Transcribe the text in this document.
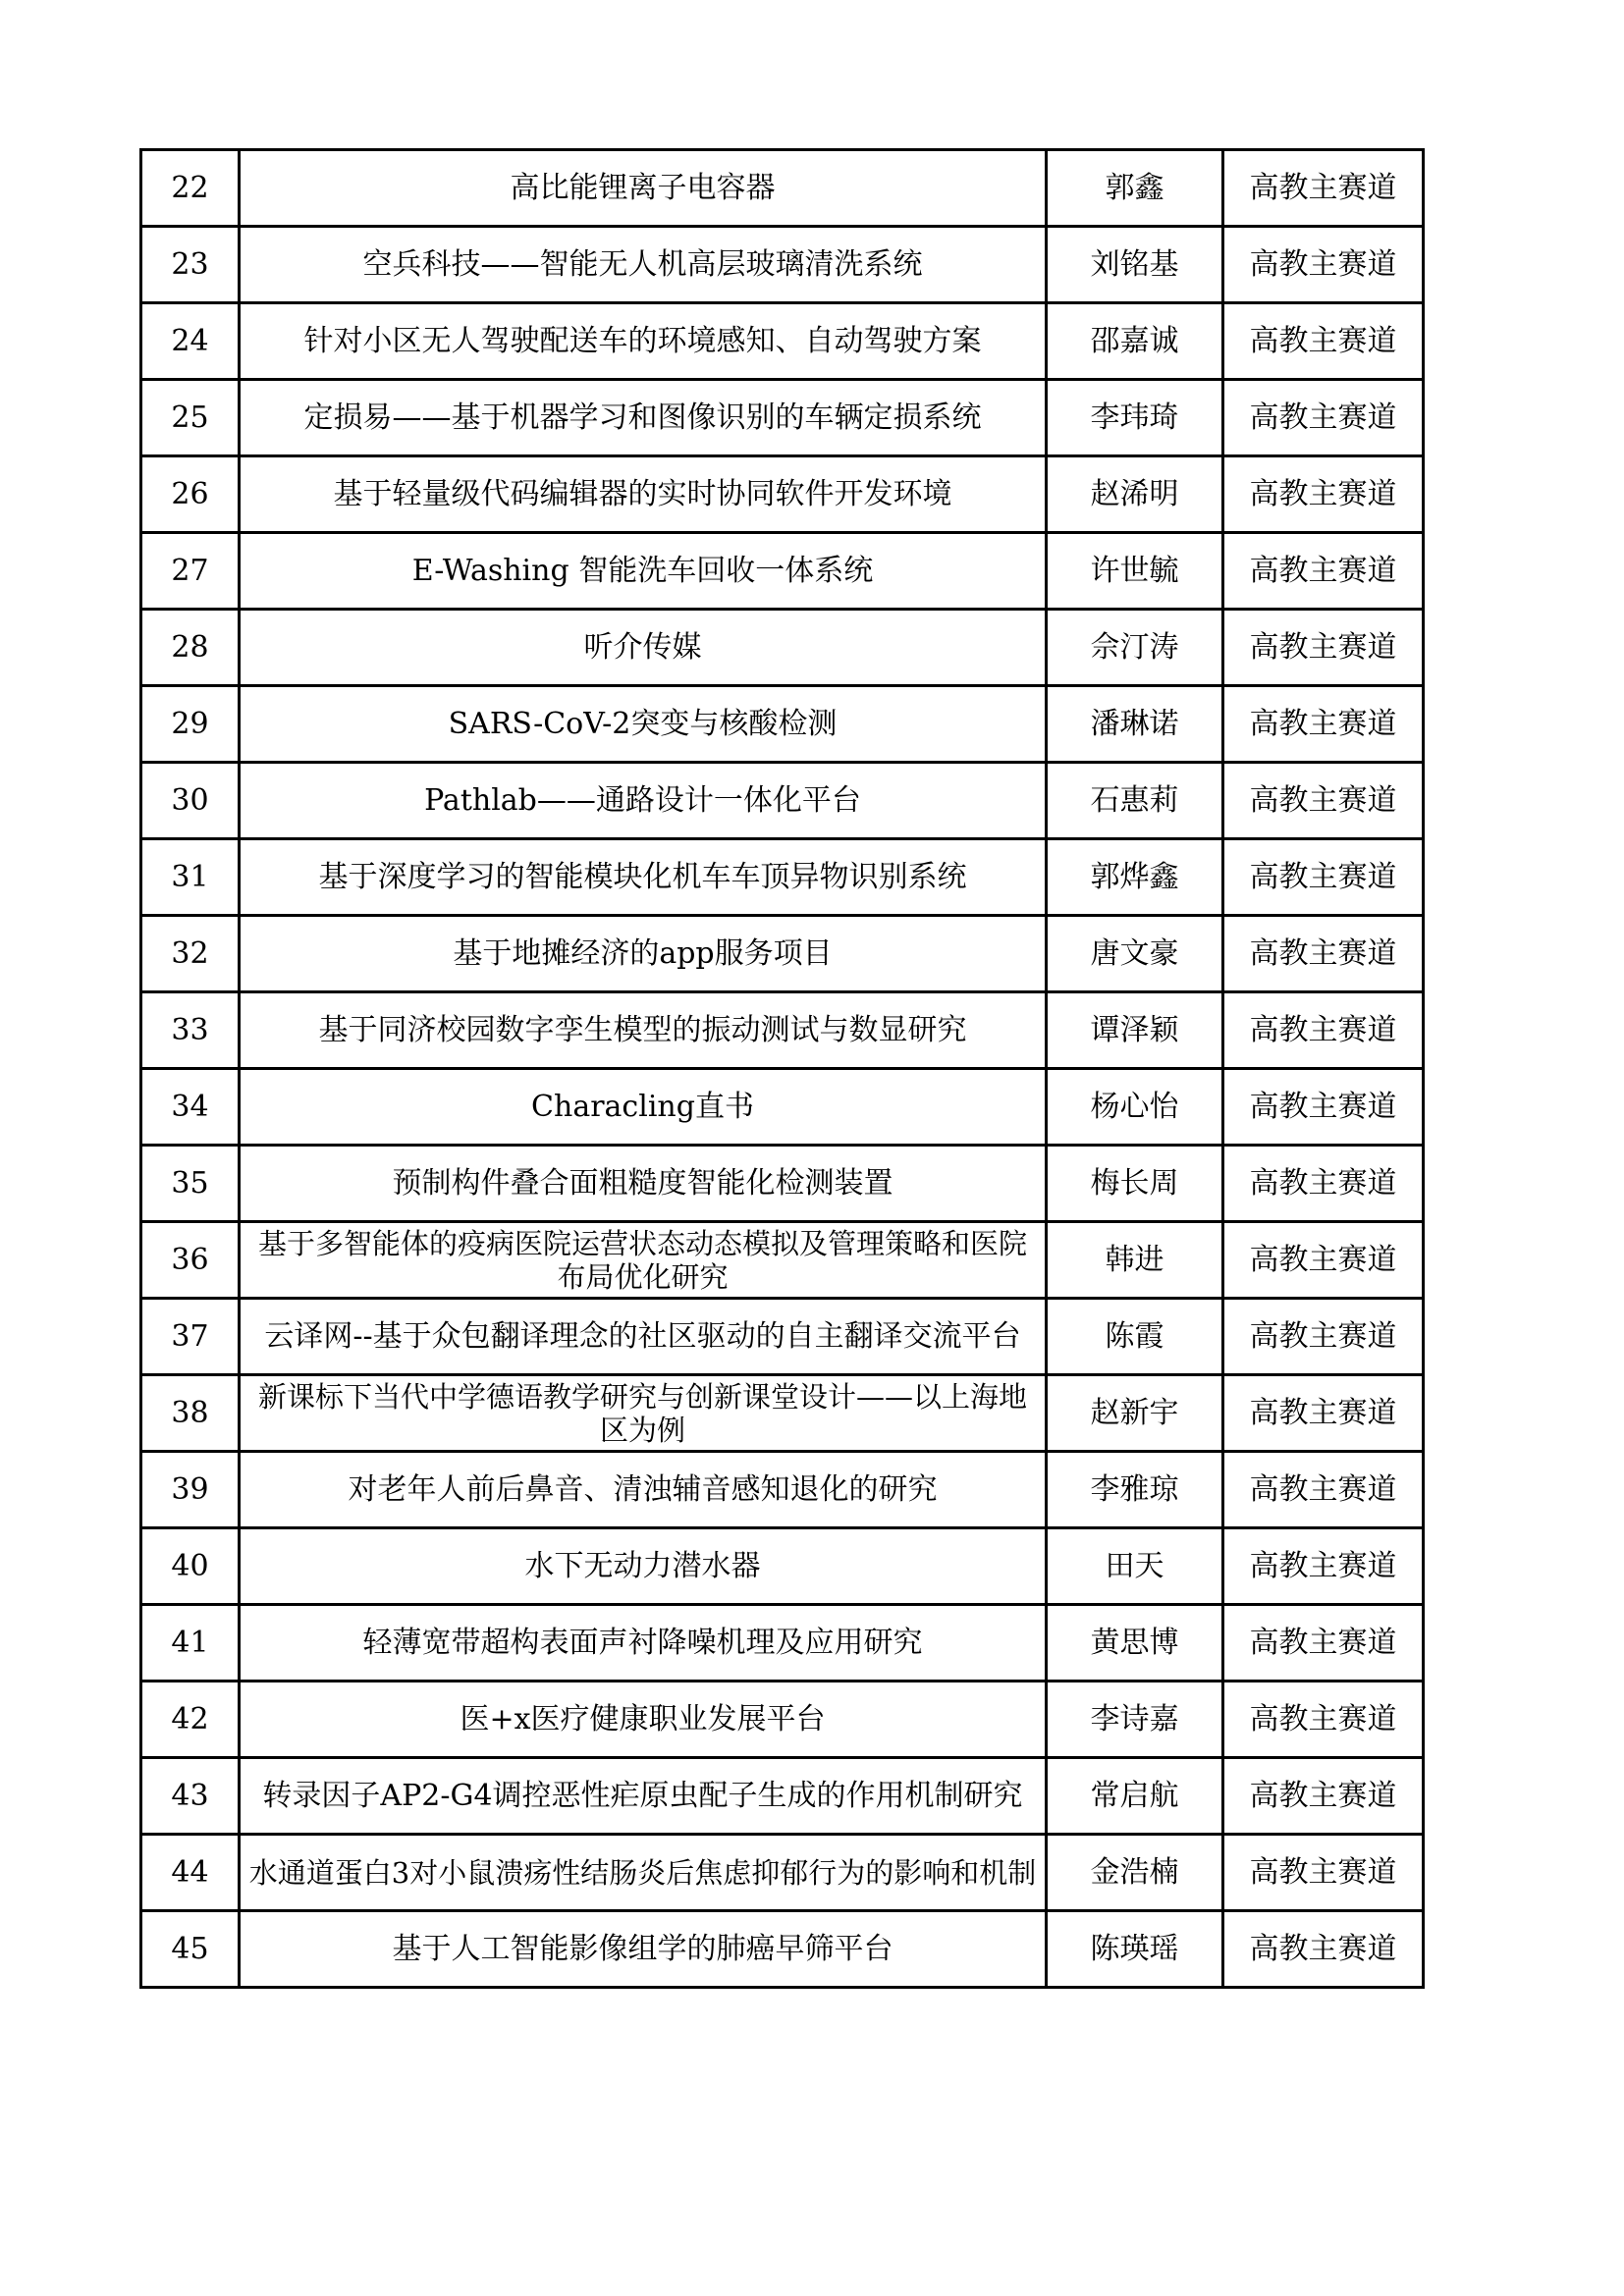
22	高比能锂离子电容器	郭鑫	高教主赛道
23	空兵科技——智能无人机高层玻璃清洗系统	刘铭基	高教主赛道
24	针对小区无人驾驶配送车的环境感知、自动驾驶方案	邵嘉诚	高教主赛道
25	定损易——基于机器学习和图像识别的车辆定损系统	李玮琦	高教主赛道
26	基于轻量级代码编辑器的实时协同软件开发环境	赵浠明	高教主赛道
27	E-Washing 智能洗车回收一体系统	许世毓	高教主赛道
28	听介传媒	佘汀涛	高教主赛道
29	SARS-CoV-2突变与核酸检测	潘琳诺	高教主赛道
30	Pathlab——通路设计一体化平台	石惠莉	高教主赛道
31	基于深度学习的智能模块化机车车顶异物识别系统	郭烨鑫	高教主赛道
32	基于地摊经济的app服务项目	唐文豪	高教主赛道
33	基于同济校园数字孪生模型的振动测试与数显研究	谭泽颖	高教主赛道
34	Characling直书	杨心怡	高教主赛道
35	预制构件叠合面粗糙度智能化检测装置	梅长周	高教主赛道
36	基于多智能体的疫病医院运营状态动态模拟及管理策略和医院布局优化研究	韩进	高教主赛道
37	云译网--基于众包翻译理念的社区驱动的自主翻译交流平台	陈霞	高教主赛道
38	新课标下当代中学德语教学研究与创新课堂设计——以上海地区为例	赵新宇	高教主赛道
39	对老年人前后鼻音、清浊辅音感知退化的研究	李雅琼	高教主赛道
40	水下无动力潜水器	田天	高教主赛道
41	轻薄宽带超构表面声衬降噪机理及应用研究	黄思博	高教主赛道
42	医+x医疗健康职业发展平台	李诗嘉	高教主赛道
43	转录因子AP2-G4调控恶性疟原虫配子生成的作用机制研究	常启航	高教主赛道
44	水通道蛋白3对小鼠溃疡性结肠炎后焦虑抑郁行为的影响和机制	金浩楠	高教主赛道
45	基于人工智能影像组学的肺癌早筛平台	陈瑛瑶	高教主赛道
